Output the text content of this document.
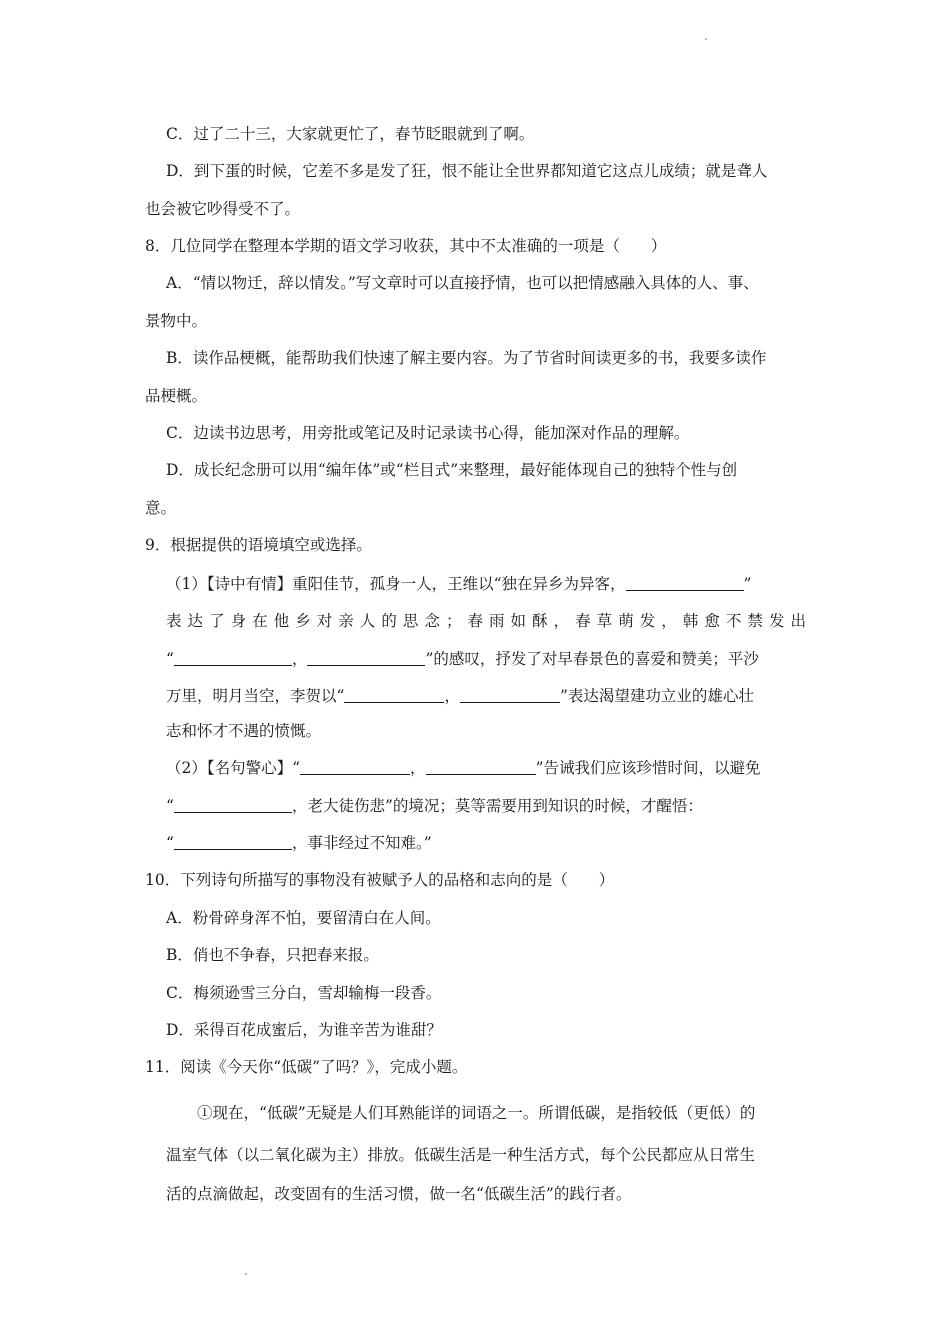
C．过了二十三，大家就更忙了，春节眨眼就到了啊。
D．到下蛋的时候，它差不多是发了狂，恨不能让全世界都知道它这点儿成绩；就是聋人
也会被它吵得受不了。
8．几位同学在整理本学期的语文学习收获，其中不太准确的一项是（　　）
A．“情以物迁，辞以情发。”写文章时可以直接抒情，也可以把情感融入具体的人、事、
景物中。
B．读作品梗概，能帮助我们快速了解主要内容。为了节省时间读更多的书，我要多读作
品梗概。
C．边读书边思考，用旁批或笔记及时记录读书心得，能加深对作品的理解。
D．成长纪念册可以用“编年体”或“栏目式”来整理，最好能体现自己的独特个性与创
意。
9．根据提供的语境填空或选择。
（1）【诗中有情】重阳佳节，孤身一人，王维以“独在异乡为异客，	”
表达了身在他乡对亲人的思念；春雨如酥，春草萌发，韩愈不禁发出
“	，	”的感叹，抒发了对早春景色的喜爱和赞美；平沙
万里，明月当空，李贺以“	，	”表达渴望建功立业的雄心壮
志和怀才不遇的愤慨。
（2）【名句警心】“	，	”告诫我们应该珍惜时间，以避免
“	，老大徒伤悲”的境况；莫等需要用到知识的时候，才醒悟：
“	，事非经过不知难。”
10．下列诗句所描写的事物没有被赋予人的品格和志向的是（　　）
A．粉骨碎身浑不怕，要留清白在人间。
B．俏也不争春，只把春来报。
C．梅须逊雪三分白，雪却输梅一段香。
D．采得百花成蜜后，为谁辛苦为谁甜？
11．阅读《今天你“低碳”了吗？》，完成小题。
①现在，“低碳”无疑是人们耳熟能详的词语之一。所谓低碳，是指较低（更低）的
温室气体（以二氧化碳为主）排放。低碳生活是一种生活方式，每个公民都应从日常生
活的点滴做起，改变固有的生活习惯，做一名“低碳生活”的践行者。
